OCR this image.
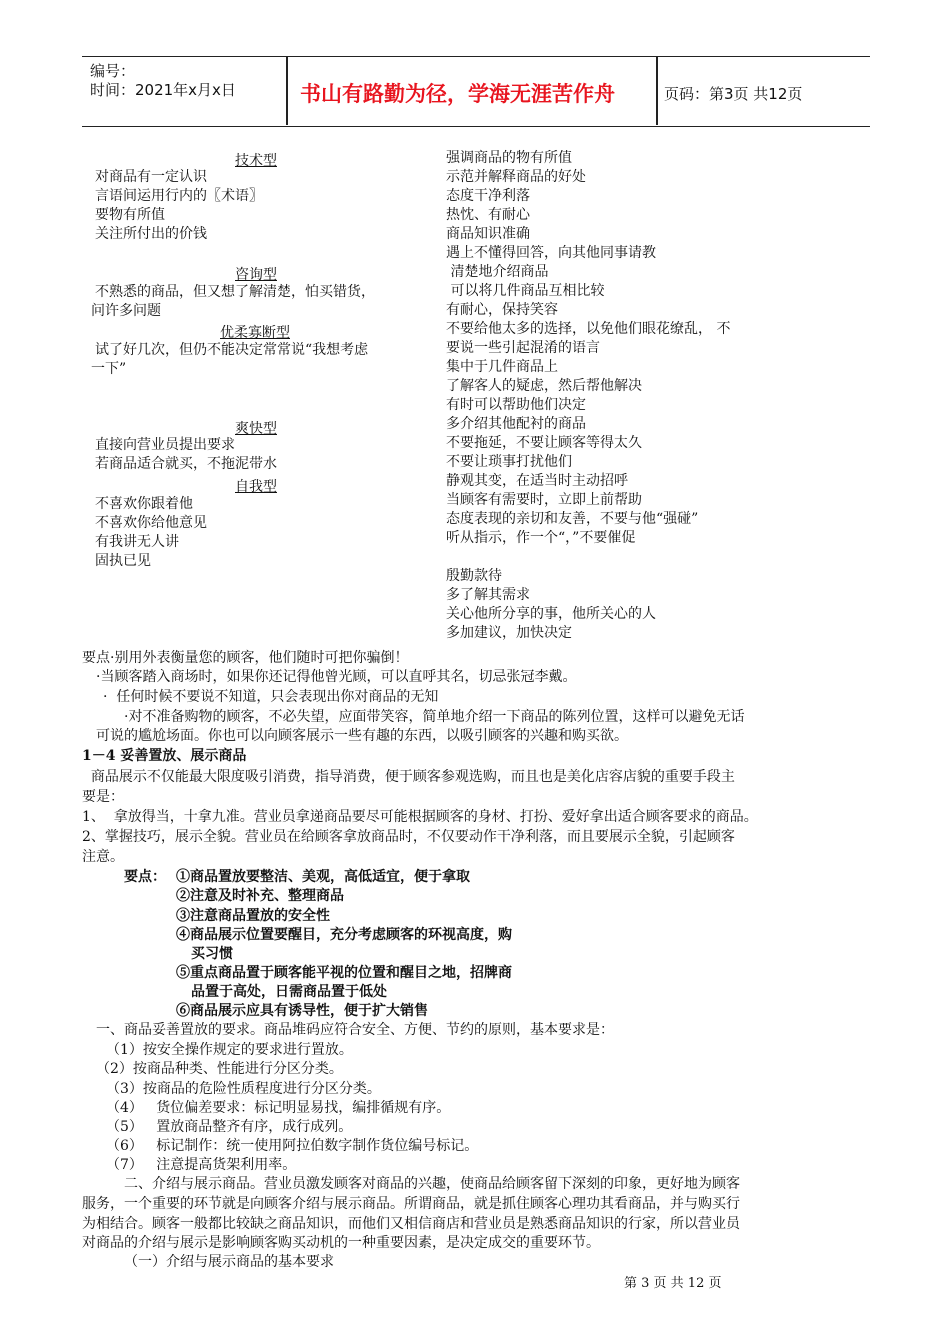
编号：
时间：2021年x月x日	书山有路勤为径，学海无涯苦作舟	页码：第3页 共12页
技术型
对商品有一定认识
言语间运用行内的〖术语〗
要物有所值
关注所付出的价钱
咨询型
不熟悉的商品，但又想了解清楚，怕买错货，
问许多问题
优柔寡断型
试了好几次，但仍不能决定常常说“我想考虑
一下”
爽快型
直接向营业员提出要求
若商品适合就买，不拖泥带水
自我型
不喜欢你跟着他
不喜欢你给他意见
有我讲无人讲
固执已见
强调商品的物有所值
示范并解释商品的好处
态度干净利落
热忱、有耐心
商品知识准确
遇上不懂得回答，向其他同事请教
清楚地介绍商品
可以将几件商品互相比较
有耐心，保持笑容
不要给他太多的选择，以免他们眼花缭乱， 不
要说一些引起混淆的语言
集中于几件商品上
了解客人的疑虑，然后帮他解决
有时可以帮助他们决定
多介绍其他配衬的商品
不要拖延，不要让顾客等得太久
不要让琐事打扰他们
静观其变，在适当时主动招呼
当顾客有需要时，立即上前帮助
态度表现的亲切和友善，不要与他“强碰”
听从指示，作一个“，”不要催促
殷勤款待
多了解其需求
关心他所分享的事，他所关心的人
多加建议，加快决定
要点·别用外表衡量您的顾客，他们随时可把你骗倒！
·当顾客踏入商场时，如果你还记得他曾光顾，可以直呼其名，切忌张冠李戴。
·  任何时候不要说不知道，只会表现出你对商品的无知
·对不准备购物的顾客，不必失望，应面带笑容，简单地介绍一下商品的陈列位置，这样可以避免无话
可说的尴尬场面。你也可以向顾客展示一些有趣的东西，以吸引顾客的兴趣和购买欲。
1－4 妥善置放、展示商品
商品展示不仅能最大限度吸引消费，指导消费，便于顾客参观选购，而且也是美化店容店貌的重要手段主
要是：
1、  拿放得当，十拿九准。营业员拿递商品要尽可能根据顾客的身材、打扮、爱好拿出适合顾客要求的商品。
2、掌握技巧，展示全貌。营业员在给顾客拿放商品时，不仅要动作干净利落，而且要展示全貌，引起顾客
注意。
要点： ①商品置放要整洁、美观，高低适宜，便于拿取
②注意及时补充、整理商品
③注意商品置放的安全性
④商品展示位置要醒目，充分考虑顾客的环视高度，购
买习惯
⑤重点商品置于顾客能平视的位置和醒目之地，招牌商
品置于高处，日需商品置于低处
⑥商品展示应具有诱导性，便于扩大销售
一、商品妥善置放的要求。商品堆码应符合安全、方便、节约的原则，基本要求是：
（1）按安全操作规定的要求进行置放。
（2）按商品种类、性能进行分区分类。
（3）按商品的危险性质程度进行分区分类。
（4）   货位偏差要求：标记明显易找，编排循规有序。
（5）   置放商品整齐有序，成行成列。
（6）   标记制作：统一使用阿拉伯数字制作货位编号标记。
（7）   注意提高货架利用率。
二、介绍与展示商品。营业员激发顾客对商品的兴趣，使商品给顾客留下深刻的印象，更好地为顾客
服务，一个重要的环节就是向顾客介绍与展示商品。所谓商品，就是抓住顾客心理功其看商品，并与购买行
为相结合。顾客一般都比较缺之商品知识，而他们又相信商店和营业员是熟悉商品知识的行家，所以营业员
对商品的介绍与展示是影响顾客购买动机的一种重要因素，是决定成交的重要环节。
（一）介绍与展示商品的基本要求
第 3 页 共 12 页
